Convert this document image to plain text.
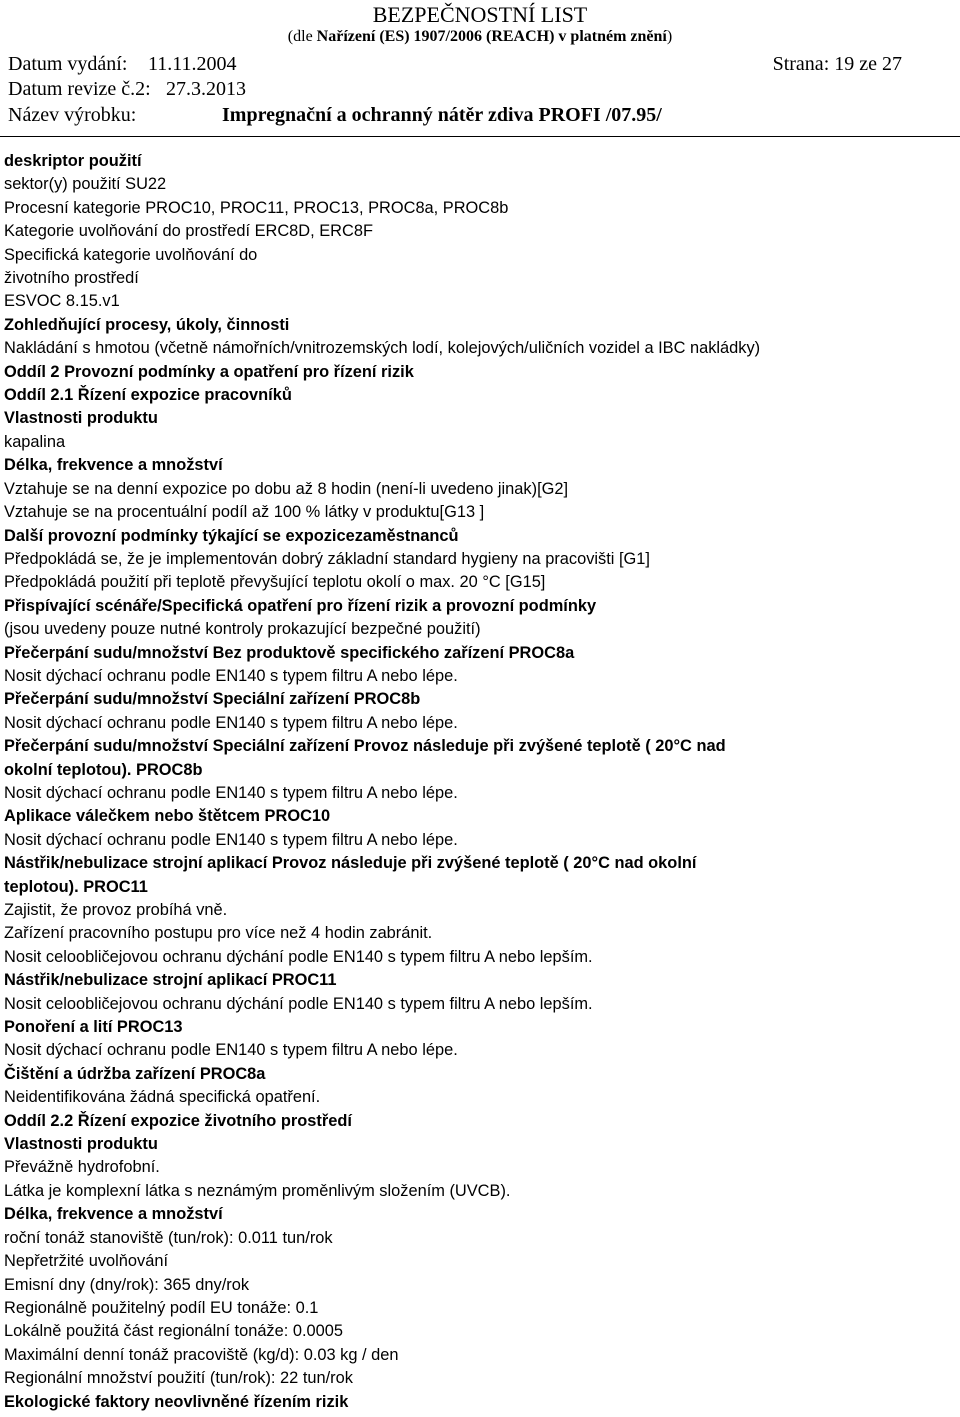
BEZPEČNOSTNÍ LIST
(dle Nařízení (ES) 1907/2006 (REACH) v platném znění)
Datum vydání: 11.11.2004	Strana: 19 ze 27
Datum revize č.2: 27.3.2013
Název výrobku:	Impregnační a ochranný nátěr zdiva PROFI /07.95/
deskriptor použití
sektor(y) použití SU22
Procesní kategorie PROC10, PROC11, PROC13, PROC8a, PROC8b
Kategorie uvolňování do prostředí ERC8D, ERC8F
Specifická kategorie uvolňování do
životního prostředí
ESVOC 8.15.v1
Zohledňující procesy, úkoly, činnosti
Nakládání s hmotou (včetně námořních/vnitrozemských lodí, kolejových/uličních vozidel a IBC nakládky)
Oddíl 2 Provozní podmínky a opatření pro řízení rizik
Oddíl 2.1 Řízení expozice pracovníků
Vlastnosti produktu
kapalina
Délka, frekvence a množství
Vztahuje se na denní expozice po dobu až 8 hodin (není-li uvedeno jinak)[G2]
Vztahuje se na procentuální podíl až 100 % látky v produktu[G13 ]
Další provozní podmínky týkající se expozicezaměstnanců
Předpokládá se, že je implementován dobrý základní standard hygieny na pracovišti [G1]
Předpokládá použití při teplotě převyšující teplotu okolí o max. 20 °C [G15]
Přispívající scénáře/Specifická opatření pro řízení rizik a provozní podmínky
(jsou uvedeny pouze nutné kontroly prokazující bezpečné použití)
Přečerpání sudu/množství Bez produktově specifického zařízení PROC8a
Nosit dýchací ochranu podle EN140 s typem filtru A nebo lépe.
Přečerpání sudu/množství Speciální zařízení PROC8b
Nosit dýchací ochranu podle EN140 s typem filtru A nebo lépe.
Přečerpání sudu/množství Speciální zařízení Provoz následuje při zvýšené teplotě ( 20°C nad
okolní teplotou). PROC8b
Nosit dýchací ochranu podle EN140 s typem filtru A nebo lépe.
Aplikace válečkem nebo štětcem PROC10
Nosit dýchací ochranu podle EN140 s typem filtru A nebo lépe.
Nástřik/nebulizace strojní aplikací Provoz následuje při zvýšené teplotě ( 20°C nad okolní
teplotou). PROC11
Zajistit, že provoz probíhá vně.
Zařízení pracovního postupu pro více než 4 hodin zabránit.
Nosit celoobličejovou ochranu dýchání podle EN140 s typem filtru A nebo lepším.
Nástřik/nebulizace strojní aplikací PROC11
Nosit celoobličejovou ochranu dýchání podle EN140 s typem filtru A nebo lepším.
Ponoření a lití PROC13
Nosit dýchací ochranu podle EN140 s typem filtru A nebo lépe.
Čištění a údržba zařízení PROC8a
Neidentifikována žádná specifická opatření.
Oddíl 2.2 Řízení expozice životního prostředí
Vlastnosti produktu
Převážně hydrofobní.
Látka je komplexní látka s neznámým proměnlivým složením (UVCB).
Délka, frekvence a množství
roční tonáž stanoviště (tun/rok): 0.011 tun/rok
Nepřetržité uvolňování
Emisní dny (dny/rok): 365 dny/rok
Regionálně použitelný podíl EU tonáže: 0.1
Lokálně použitá část regionální tonáže: 0.0005
Maximální denní tonáž pracoviště (kg/d): 0.03 kg / den
Regionální množství použití (tun/rok): 22 tun/rok
Ekologické faktory neovlivněné řízením rizik
